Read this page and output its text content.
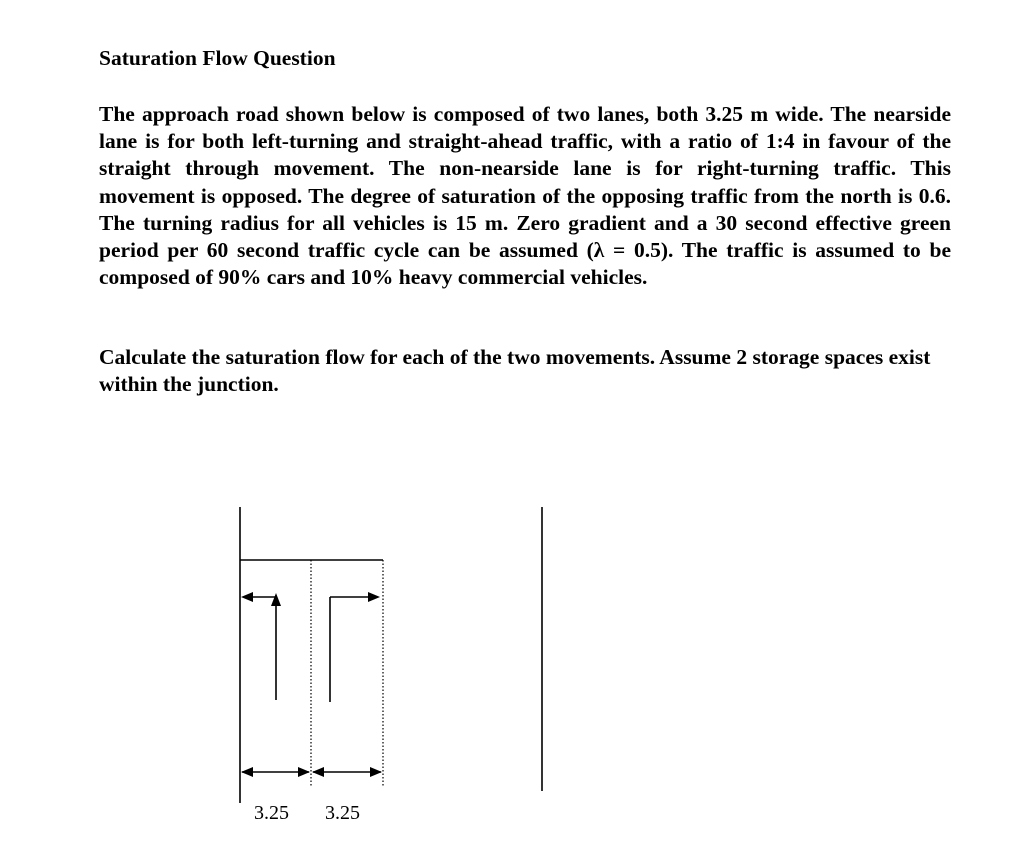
Saturation Flow Question

The approach road shown below is composed of two lanes, both 3.25 m wide. The nearside lane is for both left-turning and straight-ahead traffic, with a ratio of 1:4 in favour of the straight through movement. The non-nearside lane is for right-turning traffic. This movement is opposed. The degree of saturation of the opposing traffic from the north is 0.6. The turning radius for all vehicles is 15 m. Zero gradient and a 30 second effective green period per 60 second traffic cycle can be assumed (λ = 0.5). The traffic is assumed to be composed of 90% cars and 10% heavy commercial vehicles.

Calculate the saturation flow for each of the two movements. Assume 2 storage spaces exist within the junction.

3.25 3.25
